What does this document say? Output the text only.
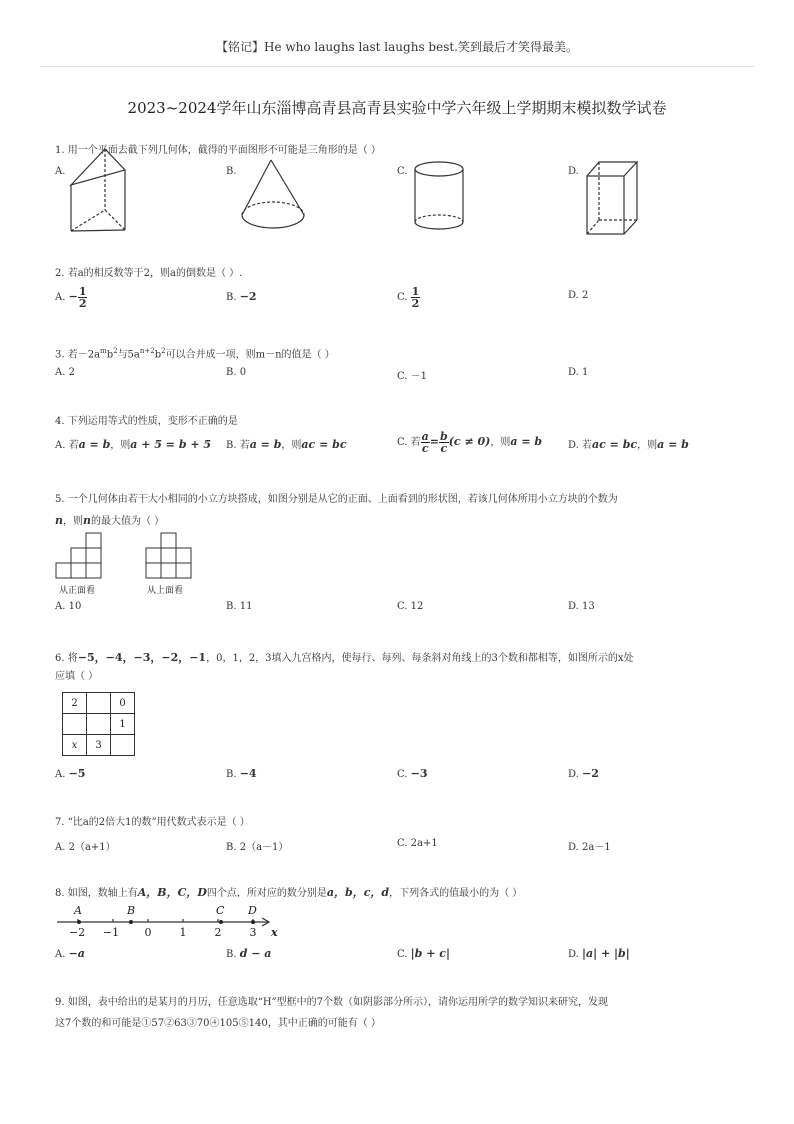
【铭记】He who laughs last laughs best.笑到最后才笑得最美。
2023~2024学年山东淄博高青县高青县实验中学六年级上学期期末模拟数学试卷
1. 用一个平面去截下列几何体，截得的平面图形不可能是三角形的是（ ）
A.	B.	C.	D.
2. 若a的相反数等于2，则a的倒数是（ ）.
A. − $\frac{1}{2}$	B. −2	C. $\frac{1}{2}$	D. 2
3. 若$-2a^mb^2$与$5a^{n+2}b^2$可以合并成一项，则m－n的值是（ ）
A. 2	B. 0	C. －1	D. 1
4. 下列运用等式的性质，变形不正确的是
A. 若a = b，则a + 5 = b + 5 B. 若a = b，则ac = bc	C. 若 $\frac{a}{c} = \frac{b}{c} (c \ne 0)$，则a = b	D. 若ac = bc，则a = b
5. 一个几何体由若干大小相同的小立方块搭成，如图分别是从它的正面、上面看到的形状图，若该几何体所用小立方块的个数为
n，则n的最大值为（ ）
从正面看	从上面看
A. 10	B. 11	C. 12	D. 13
6. 将−5，−4，−3，−2，−1，0，1，2，3填入九宫格内，使每行、每列、每条斜对角线上的3个数和都相等，如图所示的x处
应填（ ）
2		0
		1
x	3	
A. −5	B. −4	C. −3	D. −2
7. “比a的2倍大1的数”用代数式表示是（ ）
A. 2（a+1）	B. 2（a－1）	C. 2a+1	D. 2a－1
8. 如图，数轴上有A，B，C，D四个点，所对应的数分别是a，b，c，d，下列各式的值最小的为（ ）
A	B	C D
x
−2 −1 0	1	2	3
A. −a	B. d − a	C. |b + c|	D. |a| + |b|
9. 如图，表中给出的是某月的月历，任意选取“H”型框中的7个数（如阴影部分所示），请你运用所学的数学知识来研究，发现
这7个数的和可能是①57②63③70④105⑤140，其中正确的可能有（ ）
